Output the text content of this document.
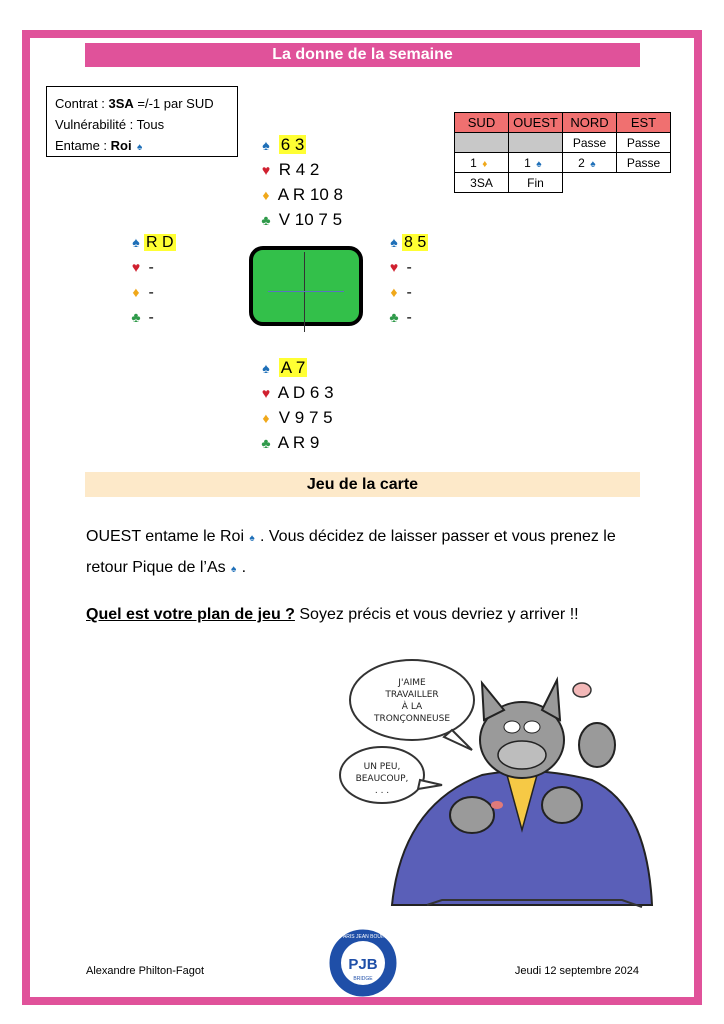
La donne de la semaine
Contrat : 3SA =/-1 par SUD
Vulnérabilité : Tous
Entame : Roi ♠	♠ 6 3
♥ R 4 2
♦ A R 10 8
♣ V 10 7 5
♠ R D
♥ -
♦ -
♣ -
♠ 8 5
♥ -
♦ -
♣ -
♠ A 7
♥ A D 6 3
♦ V 9 7 5
♣ A R 9
SUD	OUEST	NORD	EST
		Passe	Passe
1 ♦	1 ♠	2 ♠	Passe
3SA	Fin		
Jeu de la carte
OUEST entame le Roi ♠ . Vous décidez de laisser passer et vous prenez le retour Pique de l’As ♠ .
Quel est votre plan de jeu ? Soyez précis et vous devriez y arriver !!
J'AIME
TRAVAILLER
À LA
TRONÇONNEUSE
UN PEU,
BEAUCOUP,
. . .
Alexandre Philton-Fagot	PJB
BRIDGE
PARIS JEAN BOUIN
Jeudi 12 septembre 2024
